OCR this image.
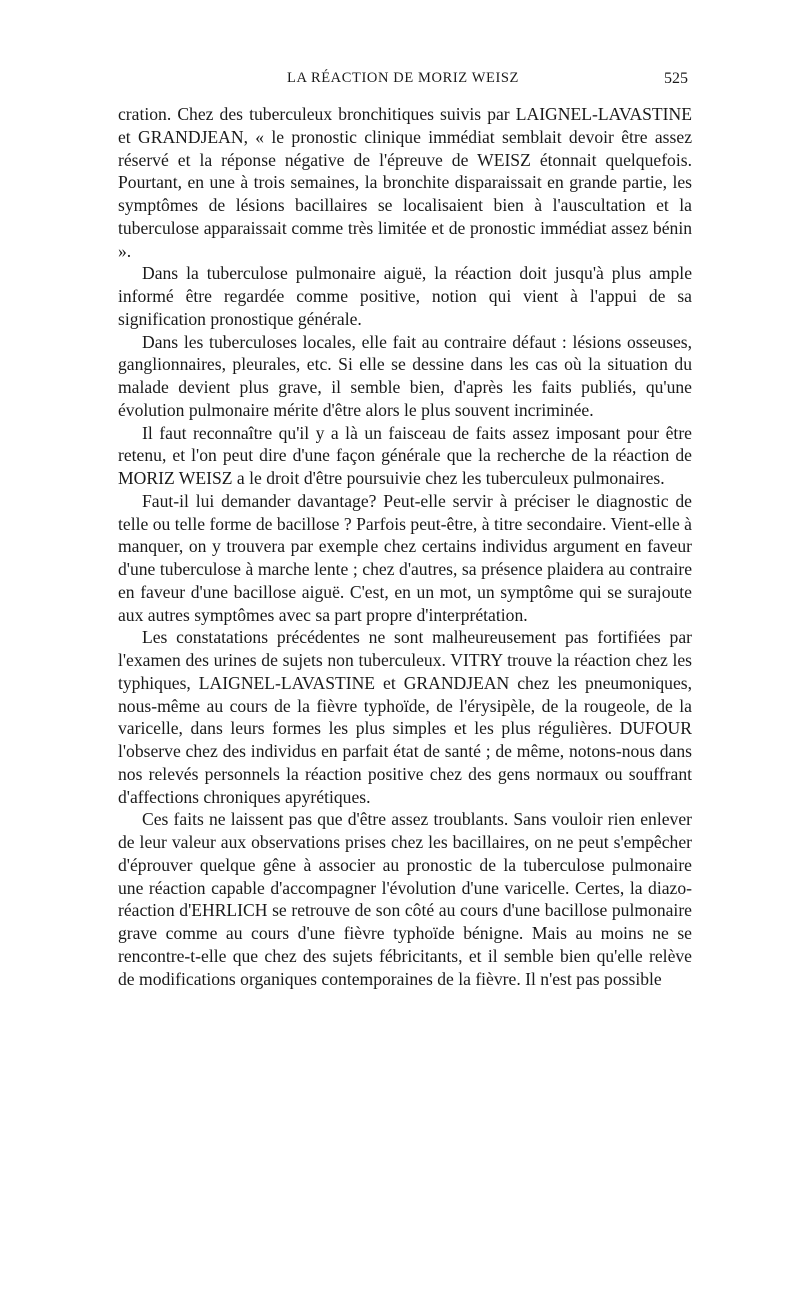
LA RÉACTION DE MORIZ WEISZ	525

cration. Chez des tuberculeux bronchitiques suivis par LAIGNEL-LAVASTINE et GRANDJEAN, « le pronostic clinique immédiat semblait devoir être assez réservé et la réponse négative de l'épreuve de WEISZ étonnait quelquefois. Pourtant, en une à trois semaines, la bronchite disparaissait en grande partie, les symptômes de lésions bacillaires se localisaient bien à l'auscultation et la tuberculose apparaissait comme très limitée et de pronostic immédiat assez bénin ».

Dans la tuberculose pulmonaire aiguë, la réaction doit jusqu'à plus ample informé être regardée comme positive, notion qui vient à l'appui de sa signification pronostique générale.

Dans les tuberculoses locales, elle fait au contraire défaut : lésions osseuses, ganglionnaires, pleurales, etc. Si elle se dessine dans les cas où la situation du malade devient plus grave, il semble bien, d'après les faits publiés, qu'une évolution pulmonaire mérite d'être alors le plus souvent incriminée.

Il faut reconnaître qu'il y a là un faisceau de faits assez imposant pour être retenu, et l'on peut dire d'une façon générale que la recherche de la réaction de MORIZ WEISZ a le droit d'être poursuivie chez les tuberculeux pulmonaires.

Faut-il lui demander davantage? Peut-elle servir à préciser le diagnostic de telle ou telle forme de bacillose ? Parfois peut-être, à titre secondaire. Vient-elle à manquer, on y trouvera par exemple chez certains individus argument en faveur d'une tuberculose à marche lente ; chez d'autres, sa présence plaidera au contraire en faveur d'une bacillose aiguë. C'est, en un mot, un symptôme qui se surajoute aux autres symptômes avec sa part propre d'interprétation.

Les constatations précédentes ne sont malheureusement pas fortifiées par l'examen des urines de sujets non tuberculeux. VITRY trouve la réaction chez les typhiques, LAIGNEL-LAVASTINE et GRANDJEAN chez les pneumoniques, nous-même au cours de la fièvre typhoïde, de l'érysipèle, de la rougeole, de la varicelle, dans leurs formes les plus simples et les plus régulières. DUFOUR l'observe chez des individus en parfait état de santé ; de même, notons-nous dans nos relevés personnels la réaction positive chez des gens normaux ou souffrant d'affections chroniques apyrétiques.

Ces faits ne laissent pas que d'être assez troublants. Sans vouloir rien enlever de leur valeur aux observations prises chez les bacillaires, on ne peut s'empêcher d'éprouver quelque gêne à associer au pronostic de la tuberculose pulmonaire une réaction capable d'accompagner l'évolution d'une varicelle. Certes, la diazo-réaction d'EHRLICH se retrouve de son côté au cours d'une bacillose pulmonaire grave comme au cours d'une fièvre typhoïde bénigne. Mais au moins ne se rencontre-t-elle que chez des sujets fébricitants, et il semble bien qu'elle relève de modifications organiques contemporaines de la fièvre. Il n'est pas possible
